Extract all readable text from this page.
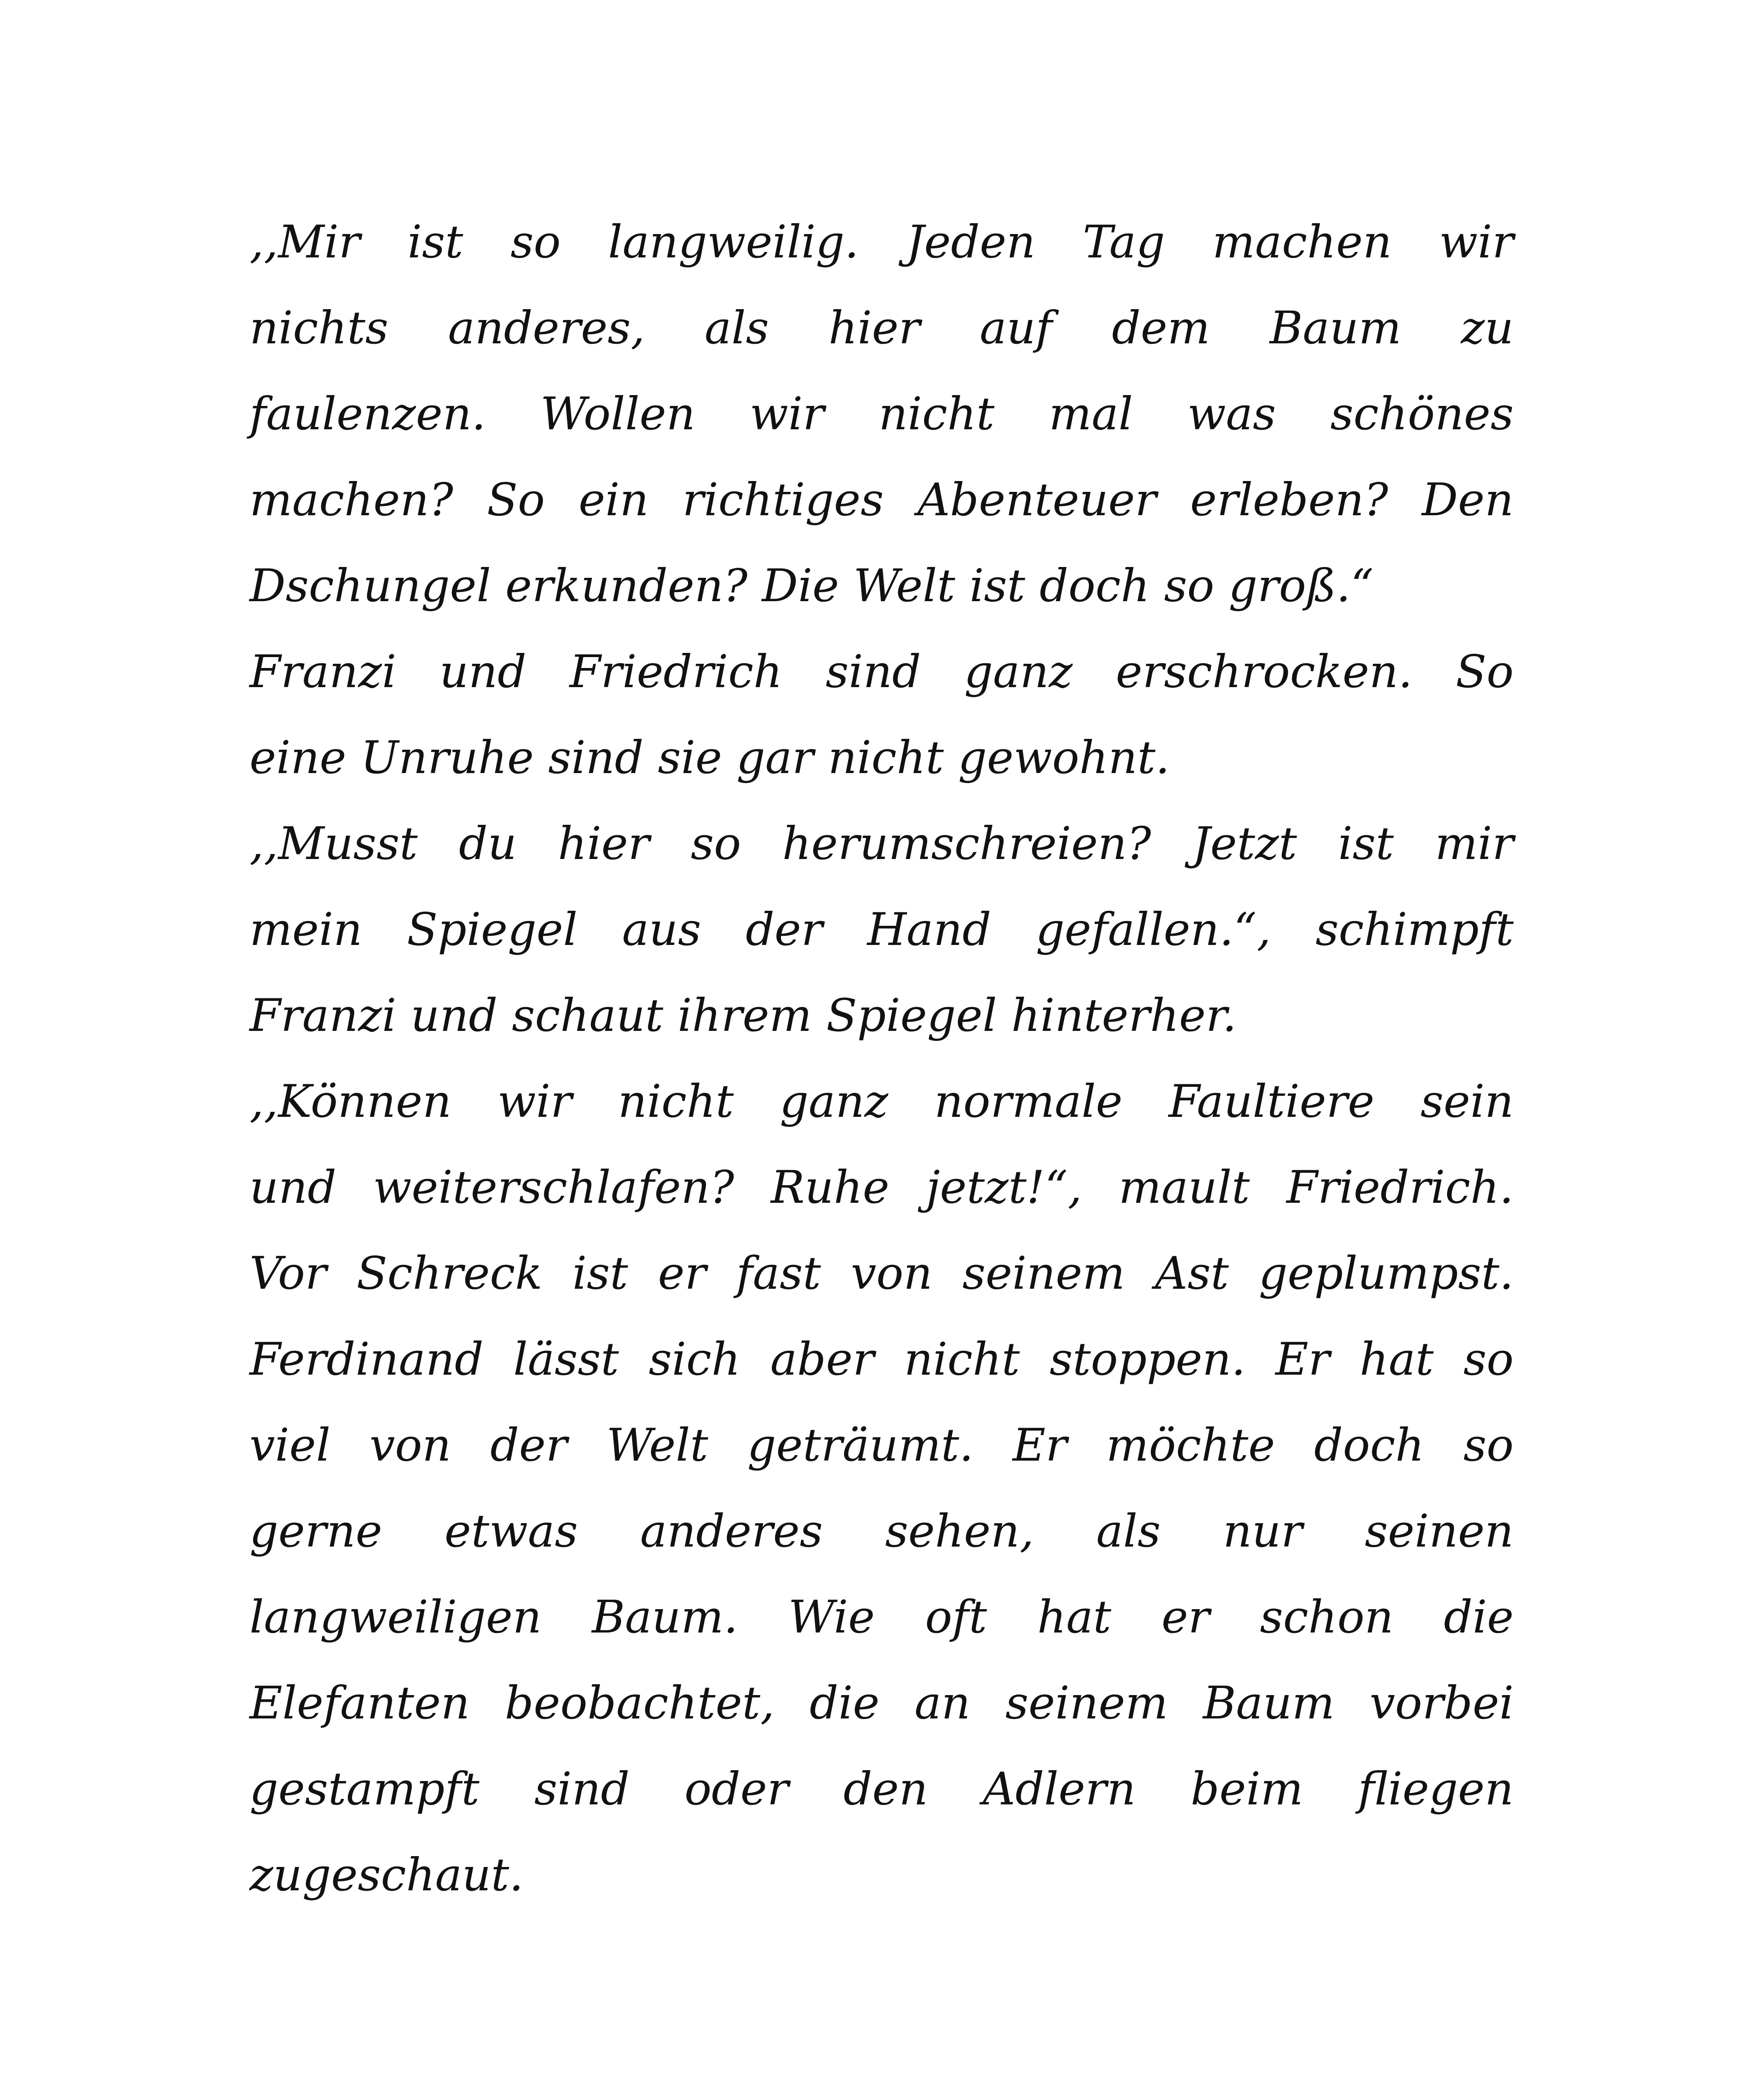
,,Mir ist so langweilig. Jeden Tag machen wir
nichts anderes, als hier auf dem Baum zu
faulenzen. Wollen wir nicht mal was schönes
machen? So ein richtiges Abenteuer erleben? Den
Dschungel erkunden? Die Welt ist doch so groß.“
Franzi und Friedrich sind ganz erschrocken. So
eine Unruhe sind sie gar nicht gewohnt.
,,Musst du hier so herumschreien? Jetzt ist mir
mein Spiegel aus der Hand gefallen.“, schimpft
Franzi und schaut ihrem Spiegel hinterher.
,,Können wir nicht ganz normale Faultiere sein
und weiterschlafen? Ruhe jetzt!“, mault Friedrich.
Vor Schreck ist er fast von seinem Ast geplumpst.
Ferdinand lässt sich aber nicht stoppen. Er hat so
viel von der Welt geträumt. Er möchte doch so
gerne etwas anderes sehen, als nur seinen
langweiligen Baum. Wie oft hat er schon die
Elefanten beobachtet, die an seinem Baum vorbei
gestampft sind oder den Adlern beim fliegen
zugeschaut.
